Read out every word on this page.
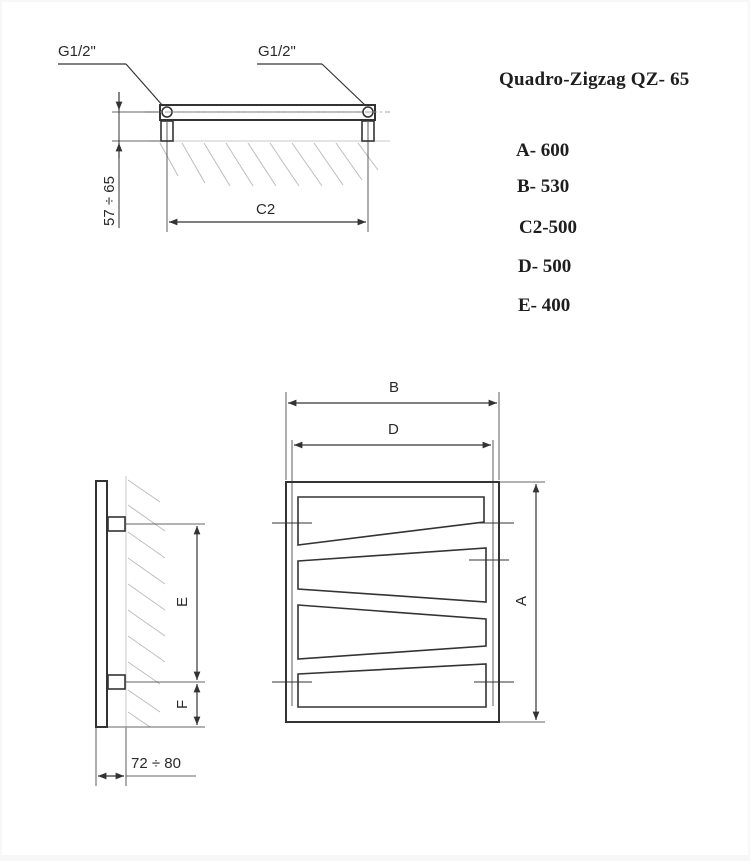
Quadro-Zigzag QZ- 65
A- 600
B- 530
C2-500
D- 500
E- 400
G1/2"	G1/2"
57 ÷ 65	C2
B
D
A
E
F
72 ÷ 80
